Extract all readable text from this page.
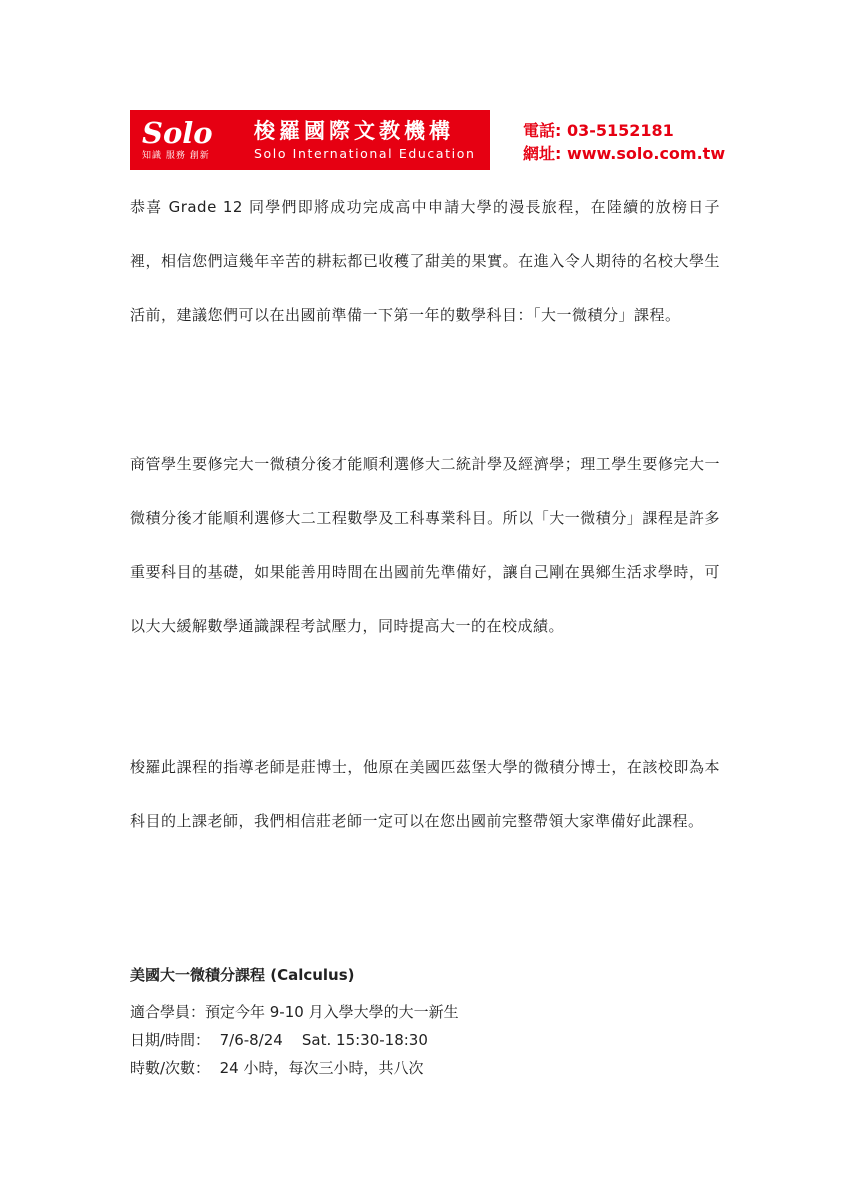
Solo
知識 服務 創新
梭羅國際文教機構
Solo International Education
電話: 03-5152181
網址: www.solo.com.tw
恭喜 Grade 12 同學們即將成功完成高中申請大學的漫長旅程，在陸續的放榜日子裡，相信您們這幾年辛苦的耕耘都已收穫了甜美的果實。在進入令人期待的名校大學生活前，建議您們可以在出國前準備一下第一年的數學科目：「大一微積分」課程。
商管學生要修完大一微積分後才能順利選修大二統計學及經濟學；理工學生要修完大一微積分後才能順利選修大二工程數學及工科專業科目。所以「大一微積分」課程是許多重要科目的基礎，如果能善用時間在出國前先準備好，讓自己剛在異鄉生活求學時，可以大大緩解數學通識課程考試壓力，同時提高大一的在校成績。
梭羅此課程的指導老師是莊博士，他原在美國匹茲堡大學的微積分博士，在該校即為本科目的上課老師，我們相信莊老師一定可以在您出國前完整帶領大家準備好此課程。
美國大一微積分課程 (Calculus)
適合學員：預定今年 9-10 月入學大學的大一新生
日期/時間：  7/6-8/24    Sat. 15:30-18:30
時數/次數：  24 小時，每次三小時，共八次
